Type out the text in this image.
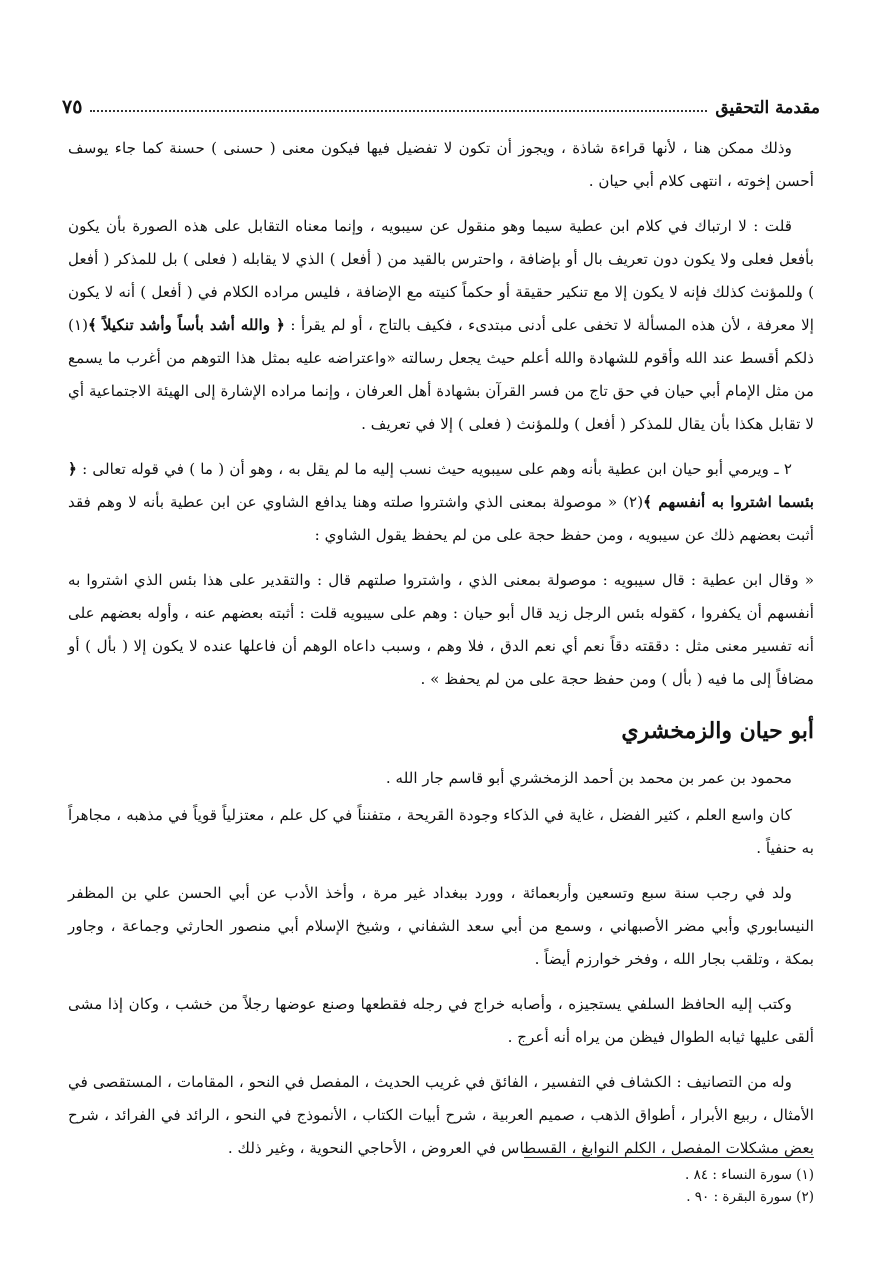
مقدمة التحقيق
٧٥

وذلك ممكن هنا ، لأنها قراءة شاذة ، ويجوز أن تكون لا تفضيل فيها فيكون معنى ( حسنى ) حسنة كما جاء يوسف أحسن إخوته ، انتهى كلام أبي حيان .

قلت : لا ارتباك في كلام ابن عطية سيما وهو منقول عن سيبويه ، وإنما معناه التقابل على هذه الصورة بأن يكون بأفعل فعلى ولا يكون دون تعريف بال أو بإضافة ، واحترس بالقيد من ( أفعل ) الذي لا يقابله ( فعلى ) بل للمذكر ( أفعل ) وللمؤنث كذلك فإنه لا يكون إلا مع تنكير حقيقة أو حكماً كنيته مع الإضافة ، فليس مراده الكلام في ( أفعل ) أنه لا يكون إلا معرفة ، لأن هذه المسألة لا تخفى على أدنى مبتدىء ، فكيف بالتاج ، أو لم يقرأ : ﴿ والله أشد بأساً وأشد تنكيلاً ﴾(١) ذلكم أقسط عند الله وأقوم للشهادة والله أعلم حيث يجعل رسالته «واعتراضه عليه بمثل هذا التوهم من أغرب ما يسمع من مثل الإمام أبي حيان في حق تاج من فسر القرآن بشهادة أهل العرفان ، وإنما مراده الإشارة إلى الهيئة الاجتماعية أي لا تقابل هكذا بأن يقال للمذكر ( أفعل ) وللمؤنث ( فعلى ) إلا في تعريف .

٢ ـ ويرمي أبو حيان ابن عطية بأنه وهم على سيبويه حيث نسب إليه ما لم يقل به ، وهو أن ( ما ) في قوله تعالى : ﴿ بئسما اشتروا به أنفسهم ﴾(٢) « موصولة بمعنى الذي واشتروا صلته وهنا يدافع الشاوي عن ابن عطية بأنه لا وهم فقد أثبت بعضهم ذلك عن سيبويه ، ومن حفظ حجة على من لم يحفظ يقول الشاوي :

« وقال ابن عطية : قال سيبويه : موصولة بمعنى الذي ، واشتروا صلتهم قال : والتقدير على هذا بئس الذي اشتروا به أنفسهم أن يكفروا ، كقوله بئس الرجل زيد قال أبو حيان : وهم على سيبويه قلت : أثبته بعضهم عنه ، وأوله بعضهم على أنه تفسير معنى مثل : دققته دقاً نعم أي نعم الدق ، فلا وهم ، وسبب داعاه الوهم أن فاعلها عنده لا يكون إلا ( بأل ) أو مضافاً إلى ما فيه ( بأل ) ومن حفظ حجة على من لم يحفظ » .

أبو حيان والزمخشري

محمود بن عمر بن محمد بن أحمد الزمخشري أبو قاسم جار الله .

كان واسع العلم ، كثير الفضل ، غاية في الذكاء وجودة القريحة ، متفنناً في كل علم ، معتزلياً قوياً في مذهبه ، مجاهراً به حنفياً .

ولد في رجب سنة سبع وتسعين وأربعمائة ، وورد ببغداد غير مرة ، وأخذ الأدب عن أبي الحسن علي بن المظفر النيسابوري وأبي مضر الأصبهاني ، وسمع من أبي سعد الشفاني ، وشيخ الإسلام أبي منصور الحارثي وجماعة ، وجاور بمكة ، وتلقب بجار الله ، وفخر خوارزم أيضاً .

وكتب إليه الحافظ السلفي يستجيزه ، وأصابه خراج في رجله فقطعها وصنع عوضها رجلاً من خشب ، وكان إذا مشى ألقى عليها ثيابه الطوال فيظن من يراه أنه أعرج .

وله من التصانيف : الكشاف في التفسير ، الفائق في غريب الحديث ، المفصل في النحو ، المقامات ، المستقصى في الأمثال ، ربيع الأبرار ، أطواق الذهب ، صميم العربية ، شرح أبيات الكتاب ، الأنموذج في النحو ، الرائد في الفرائد ، شرح بعض مشكلات المفصل ، الكلم النوابغ ، القسطاس في العروض ، الأحاجي النحوية ، وغير ذلك .

(١) سورة النساء : ٨٤ .
(٢) سورة البقرة : ٩٠ .
